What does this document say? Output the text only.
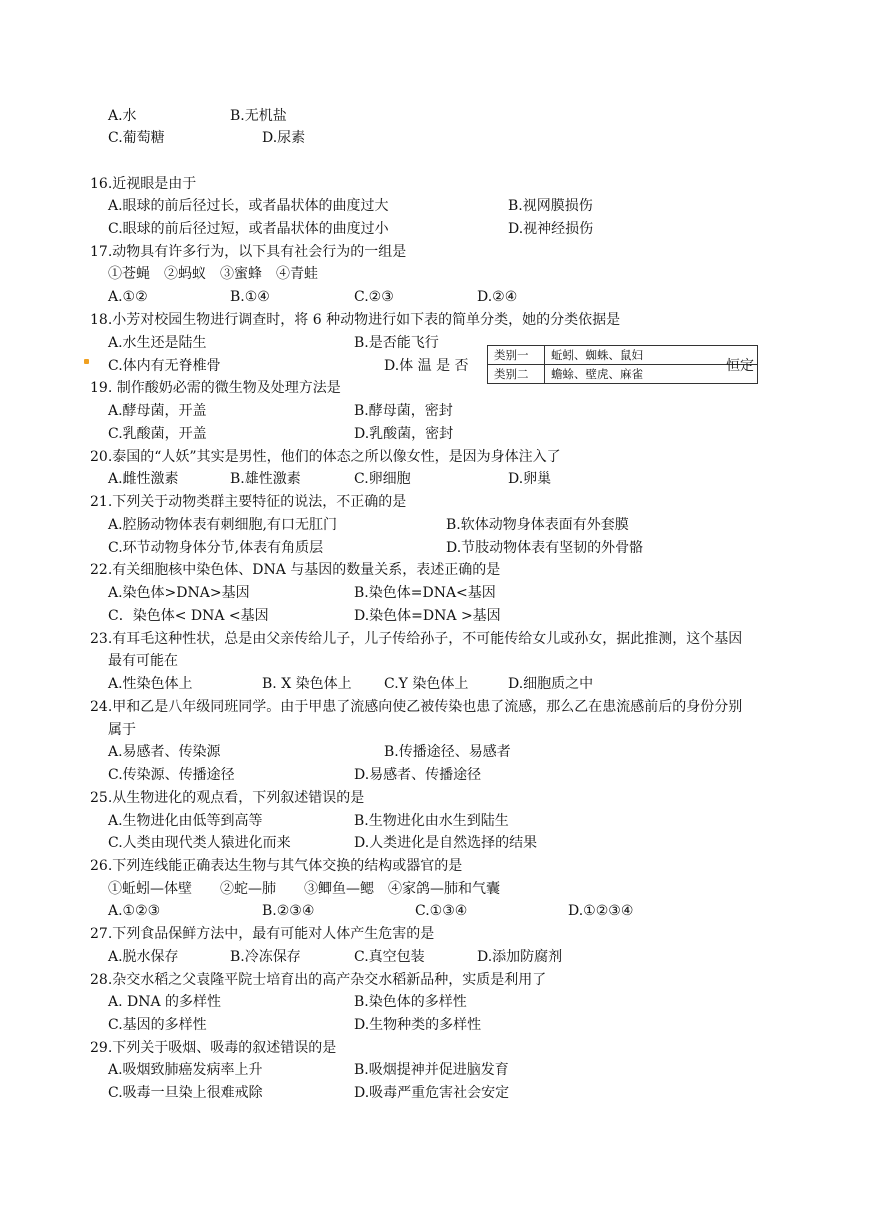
A.水	B.无机盐
C.葡萄糖	D.尿素
16.近视眼是由于
A.眼球的前后径过长，或者晶状体的曲度过大	B.视网膜损伤
C.眼球的前后径过短，或者晶状体的曲度过小	D.视神经损伤
17.动物具有许多行为，以下具有社会行为的一组是
①苍蝇　②蚂蚁　③蜜蜂　④青蛙
A.①②	B.①④	C.②③	D.②④
18.小芳对校园生物进行调查时，将 6 种动物进行如下表的简单分类，她的分类依据是
A.水生还是陆生	B.是否能飞行
C.体内有无脊椎骨	D.体 温 是 否
类别一	蚯蚓、蜘蛛、鼠妇
类别二	蟾蜍、壁虎、麻雀	恒定
19. 制作酸奶必需的微生物及处理方法是
A.酵母菌，开盖	B.酵母菌，密封
C.乳酸菌，开盖	D.乳酸菌，密封
20.泰国的“人妖”其实是男性，他们的体态之所以像女性，是因为身体注入了
A.雌性激素	B.雄性激素	C.卵细胞	D.卵巢
21.下列关于动物类群主要特征的说法，不正确的是
A.腔肠动物体表有刺细胞,有口无肛门	B.软体动物身体表面有外套膜
C.环节动物身体分节,体表有角质层	D.节肢动物体表有坚韧的外骨骼
22.有关细胞核中染色体、DNA 与基因的数量关系，表述正确的是
A.染色体>DNA>基因	B.染色体=DNA<基因
C．染色体< DNA <基因	D.染色体=DNA >基因
23.有耳毛这种性状，总是由父亲传给儿子，儿子传给孙子，不可能传给女儿或孙女，据此推测，这个基因
最有可能在
A.性染色体上	B. X 染色体上 C.Y 染色体上	D.细胞质之中
24.甲和乙是八年级同班同学。由于甲患了流感向使乙被传染也患了流感，那么乙在患流感前后的身份分别
属于
A.易感者、传染源	B.传播途径、易感者
C.传染源、传播途径	D.易感者、传播途径
25.从生物进化的观点看，下列叙述错误的是
A.生物进化由低等到高等	B.生物进化由水生到陆生
C.人类由现代类人猿进化而来	D.人类进化是自然选择的结果
26.下列连线能正确表达生物与其气体交换的结构或器官的是
①蚯蚓—体壁　　②蛇—肺　　③鲫鱼—鳃　④家鸽—肺和气囊
A.①②③	B.②③④	C.①③④	D.①②③④
27.下列食品保鲜方法中，最有可能对人体产生危害的是
A.脱水保存	B.冷冻保存	C.真空包装	D.添加防腐剂
28.杂交水稻之父袁隆平院士培育出的高产杂交水稻新品种，实质是利用了
A. DNA 的多样性	B.染色体的多样性
C.基因的多样性	D.生物种类的多样性
29.下列关于吸烟、吸毒的叙述错误的是
A.吸烟致肺癌发病率上升	B.吸烟提神并促进脑发育
C.吸毒一旦染上很难戒除	D.吸毒严重危害社会安定
